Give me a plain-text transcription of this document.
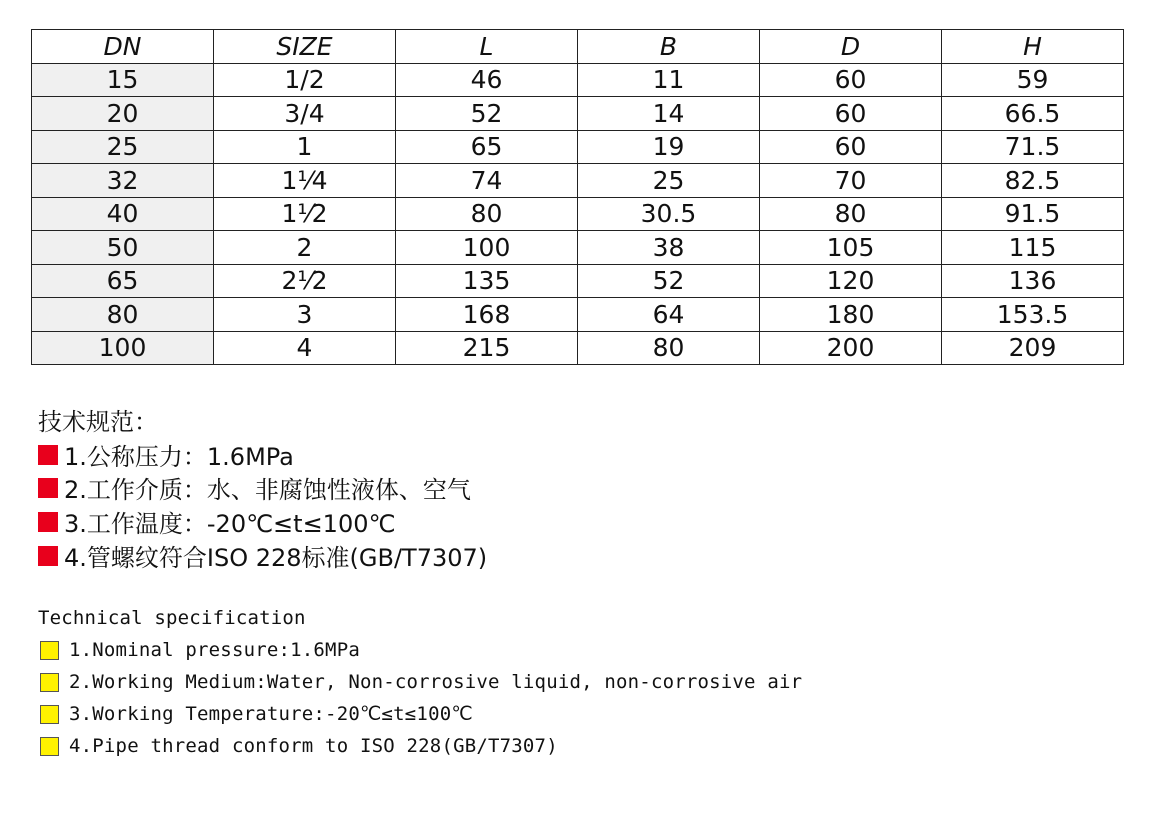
DN	SIZE	L	B	D	H
15	1/2	46	11	60	59
20	3/4	52	14	60	66.5
25	1	65	19	60	71.5
32	1¹⁄4	74	25	70	82.5
40	1¹⁄2	80	30.5	80	91.5
50	2	100	38	105	115
65	2¹⁄2	135	52	120	136
80	3	168	64	180	153.5
100	4	215	80	200	209
技术规范：
1.公称压力：1.6MPa
2.工作介质：水、非腐蚀性液体、空气
3.工作温度：-20℃≤t≤100℃
4.管螺纹符合ISO 228标准(GB/T7307)
Technical specification
1.Nominal pressure:1.6MPa
2.Working Medium:Water, Non-corrosive liquid, non-corrosive air
3.Working Temperature:-20℃≤t≤100℃
4.Pipe thread conform to ISO 228(GB/T7307)
